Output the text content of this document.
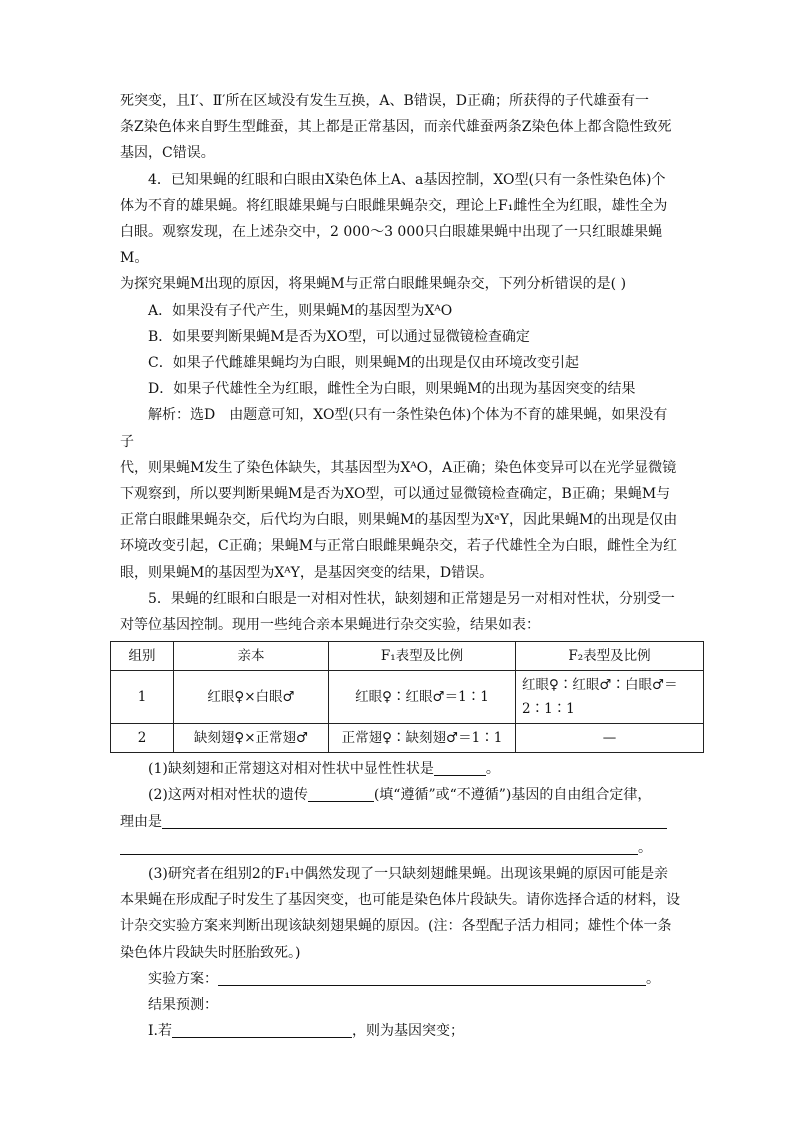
死突变，且Ⅰ′、Ⅱ′所在区域没有发生互换，A、B错误，D正确；所获得的子代雄蚕有一

条Z染色体来自野生型雌蚕，其上都是正常基因，而亲代雄蚕两条Z染色体上都含隐性致死

基因，C错误。

4．已知果蝇的红眼和白眼由X染色体上A、a基因控制，XO型(只有一条性染色体)个

体为不育的雄果蝇。将红眼雄果蝇与白眼雌果蝇杂交，理论上F₁雌性全为红眼，雄性全为

白眼。观察发现，在上述杂交中，2 000～3 000只白眼雄果蝇中出现了一只红眼雄果蝇M。

为探究果蝇M出现的原因，将果蝇M与正常白眼雌果蝇杂交，下列分析错误的是( )

A．如果没有子代产生，则果蝇M的基因型为XᴬO

B．如果要判断果蝇M是否为XO型，可以通过显微镜检查确定

C．如果子代雌雄果蝇均为白眼，则果蝇M的出现是仅由环境改变引起

D．如果子代雄性全为红眼，雌性全为白眼，则果蝇M的出现为基因突变的结果

解析：选D　由题意可知，XO型(只有一条性染色体)个体为不育的雄果蝇，如果没有子

代，则果蝇M发生了染色体缺失，其基因型为XᴬO，A正确；染色体变异可以在光学显微镜

下观察到，所以要判断果蝇M是否为XO型，可以通过显微镜检查确定，B正确；果蝇M与

正常白眼雌果蝇杂交，后代均为白眼，则果蝇M的基因型为XᵃY，因此果蝇M的出现是仅由

环境改变引起，C正确；果蝇M与正常白眼雌果蝇杂交，若子代雄性全为白眼，雌性全为红

眼，则果蝇M的基因型为XᴬY，是基因突变的结果，D错误。

5．果蝇的红眼和白眼是一对相对性状，缺刻翅和正常翅是另一对相对性状，分别受一

对等位基因控制。现用一些纯合亲本果蝇进行杂交实验，结果如表：

组别	亲本	F₁表型及比例	F₂表型及比例
1	红眼♀×白眼♂	红眼♀∶红眼♂＝1∶1	红眼♀∶红眼♂∶白眼♂＝2∶1∶1
2	缺刻翅♀×正常翅♂	正常翅♀∶缺刻翅♂＝1∶1	—

(1)缺刻翅和正常翅这对相对性状中显性性状是	。

(2)这两对相对性状的遗传	(填“遵循”或“不遵循”)基因的自由组合定律，

理由是

。

(3)研究者在组别2的F₁中偶然发现了一只缺刻翅雌果蝇。出现该果蝇的原因可能是亲

本果蝇在形成配子时发生了基因突变，也可能是染色体片段缺失。请你选择合适的材料，设

计杂交实验方案来判断出现该缺刻翅果蝇的原因。(注：各型配子活力相同；雄性个体一条

染色体片段缺失时胚胎致死。)

实验方案：	。

结果预测：

Ⅰ.若	，则为基因突变；
